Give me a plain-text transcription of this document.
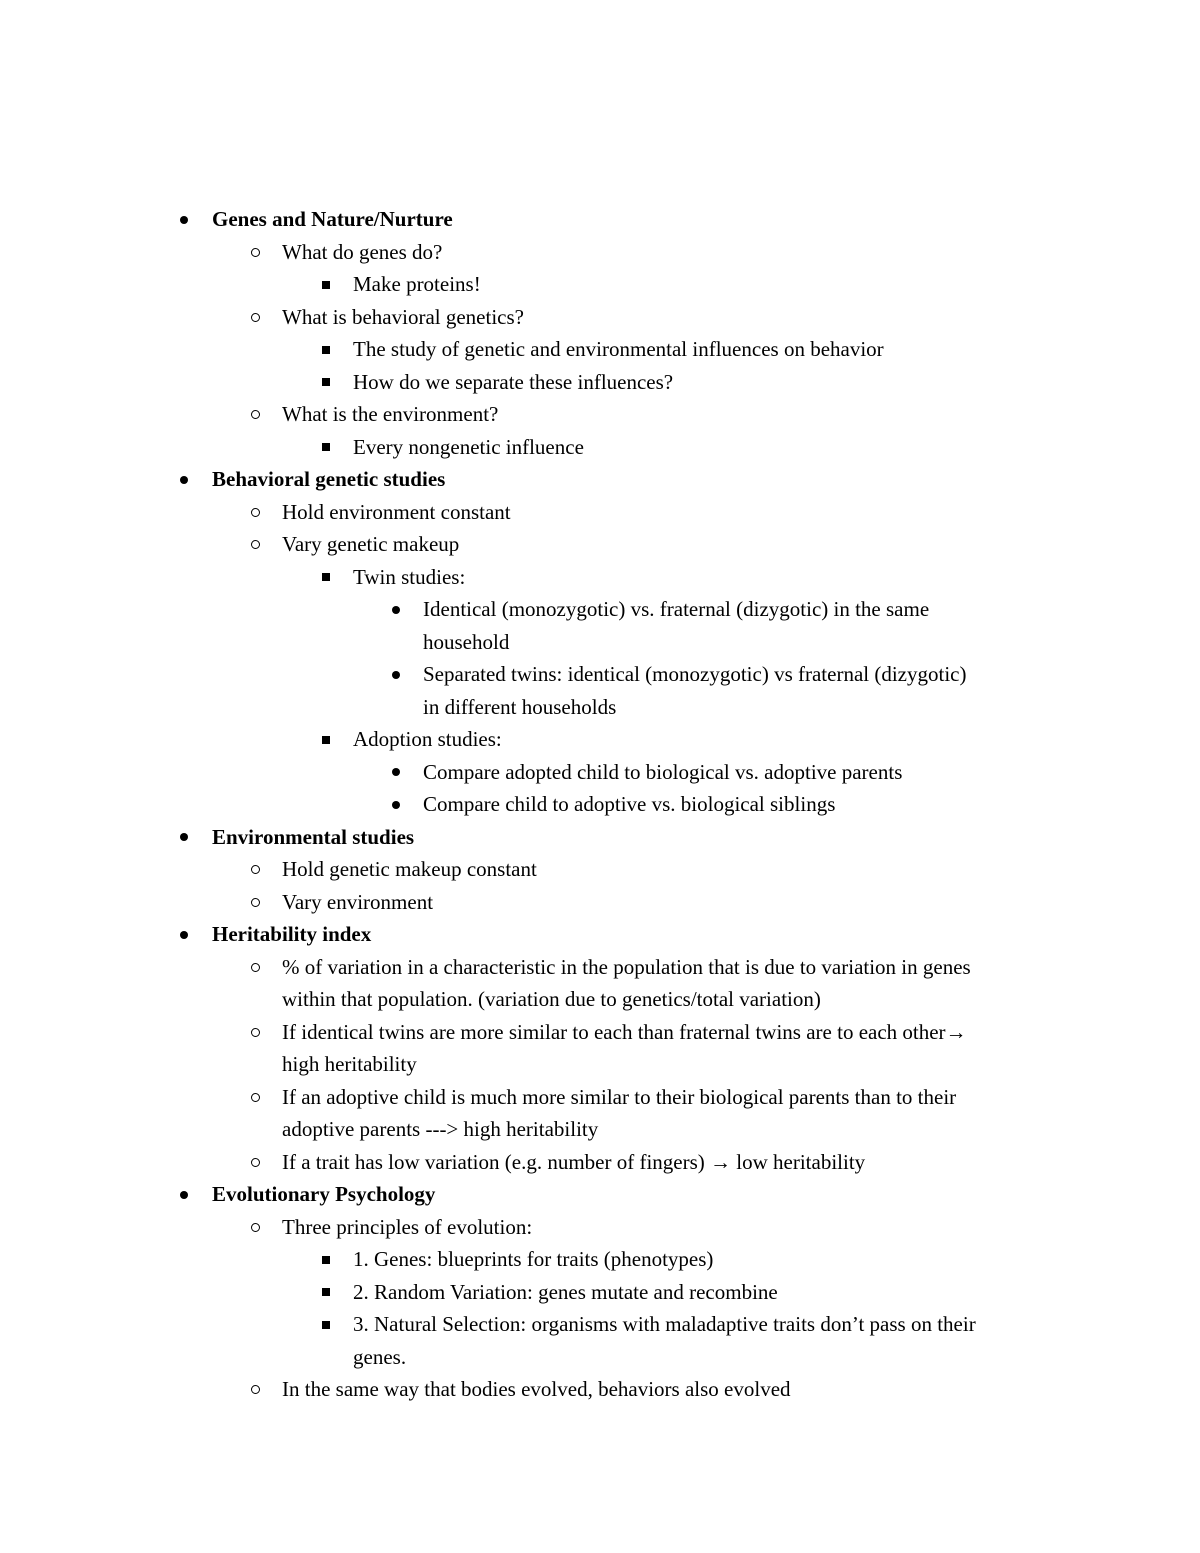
Genes and Nature/Nurture
What do genes do?
Make proteins!
What is behavioral genetics?
The study of genetic and environmental influences on behavior
How do we separate these influences?
What is the environment?
Every nongenetic influence
Behavioral genetic studies
Hold environment constant
Vary genetic makeup
Twin studies:
Identical (monozygotic) vs. fraternal (dizygotic) in the same
household
Separated twins: identical (monozygotic) vs fraternal (dizygotic)
in different households
Adoption studies:
Compare adopted child to biological vs. adoptive parents
Compare child to adoptive vs. biological siblings
Environmental studies
Hold genetic makeup constant
Vary environment
Heritability index
% of variation in a characteristic in the population that is due to variation in genes
within that population. (variation due to genetics/total variation)
If identical twins are more similar to each than fraternal twins are to each other→
high heritability
If an adoptive child is much more similar to their biological parents than to their
adoptive parents ---> high heritability
If a trait has low variation (e.g. number of fingers) → low heritability
Evolutionary Psychology
Three principles of evolution:
1. Genes: blueprints for traits (phenotypes)
2. Random Variation: genes mutate and recombine
3. Natural Selection: organisms with maladaptive traits don’t pass on their
genes.
In the same way that bodies evolved, behaviors also evolved
